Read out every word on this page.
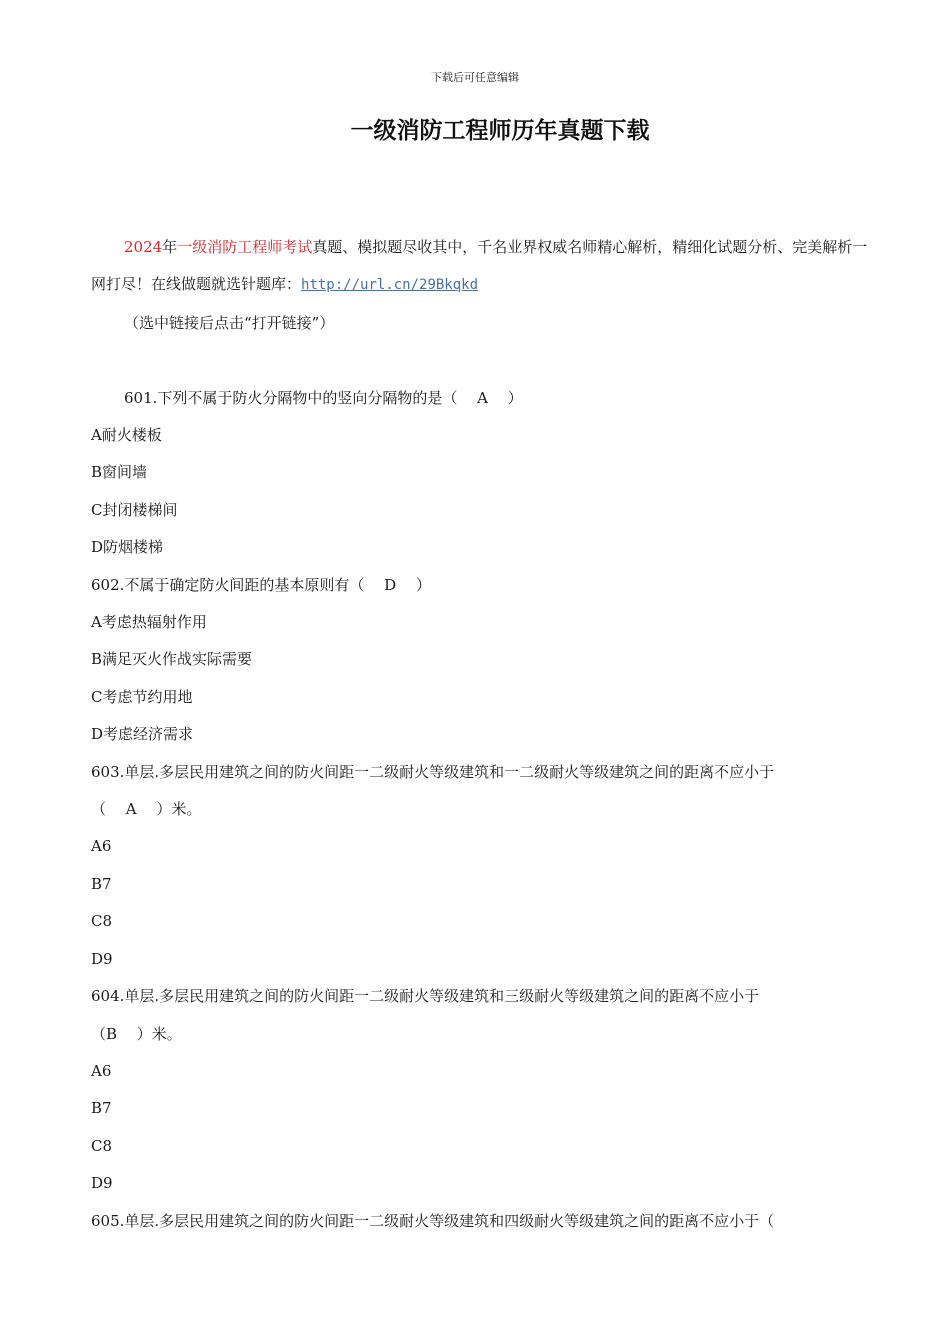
下载后可任意编辑
一级消防工程师历年真题下载

2024年一级消防工程师考试真题、模拟题尽收其中，千名业界权威名师精心解析，精细化试题分析、完美解析一网打尽！在线做题就选针题库：http://url.cn/29Bkqkd

（选中链接后点击“打开链接”）

601.下列不属于防火分隔物中的竖向分隔物的是（　 A　 ）

A耐火楼板

B窗间墙

C封闭楼梯间

D防烟楼梯

602.不属于确定防火间距的基本原则有（　 D　 ）

A考虑热辐射作用

B满足灭火作战实际需要

C考虑节约用地

D考虑经济需求

603.单层.多层民用建筑之间的防火间距一二级耐火等级建筑和一二级耐火等级建筑之间的距离不应小于

（　 A　 ）米。

A6

B7

C8

D9

604.单层.多层民用建筑之间的防火间距一二级耐火等级建筑和三级耐火等级建筑之间的距离不应小于

（B　 ）米。

A6

B7

C8

D9

605.单层.多层民用建筑之间的防火间距一二级耐火等级建筑和四级耐火等级建筑之间的距离不应小于（
